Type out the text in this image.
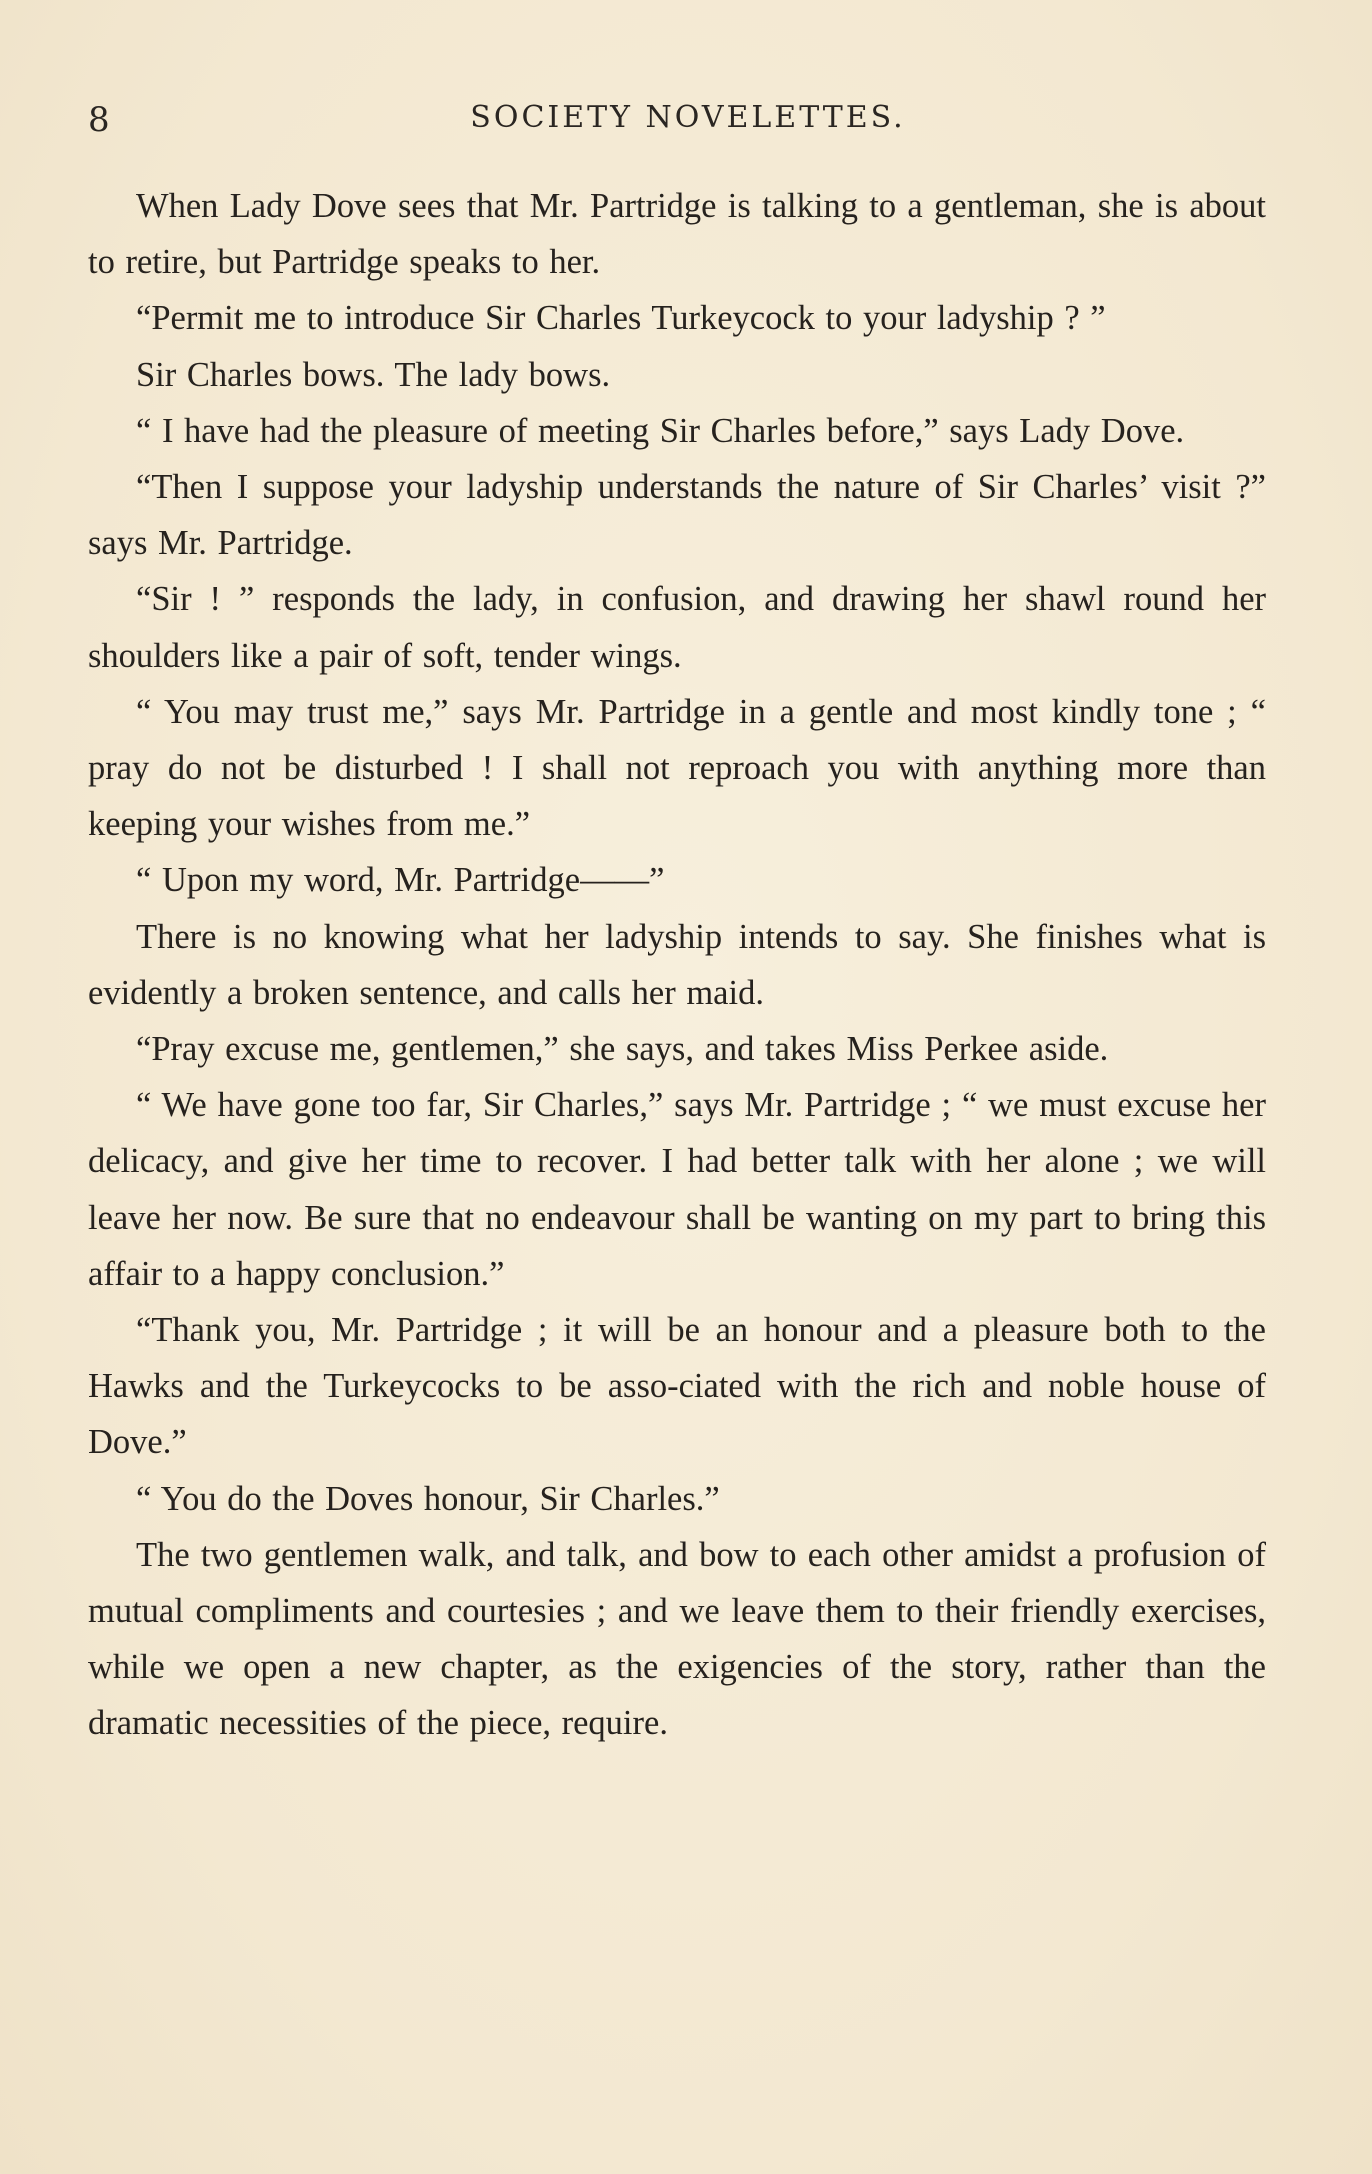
8	SOCIETY NOVELETTES.

When Lady Dove sees that Mr. Partridge is talking to a gentleman, she is about to retire, but Partridge speaks to her.

“Permit me to introduce Sir Charles Turkeycock to your ladyship ? ”

Sir Charles bows. The lady bows.

“ I have had the pleasure of meeting Sir Charles before,” says Lady Dove.

“Then I suppose your ladyship understands the nature of Sir Charles’ visit ?” says Mr. Partridge.

“Sir ! ” responds the lady, in confusion, and drawing her shawl round her shoulders like a pair of soft, tender wings.

“ You may trust me,” says Mr. Partridge in a gentle and most kindly tone ; “ pray do not be disturbed ! I shall not reproach you with anything more than keeping your wishes from me.”

“ Upon my word, Mr. Partridge——”

There is no knowing what her ladyship intends to say. She finishes what is evidently a broken sentence, and calls her maid.

“Pray excuse me, gentlemen,” she says, and takes Miss Perkee aside.

“ We have gone too far, Sir Charles,” says Mr. Partridge ; “ we must excuse her delicacy, and give her time to recover. I had better talk with her alone ; we will leave her now. Be sure that no endeavour shall be wanting on my part to bring this affair to a happy conclusion.”

“Thank you, Mr. Partridge ; it will be an honour and a pleasure both to the Hawks and the Turkeycocks to be asso-ciated with the rich and noble house of Dove.”

“ You do the Doves honour, Sir Charles.”

The two gentlemen walk, and talk, and bow to each other amidst a profusion of mutual compliments and courtesies ; and we leave them to their friendly exercises, while we open a new chapter, as the exigencies of the story, rather than the dramatic necessities of the piece, require.
